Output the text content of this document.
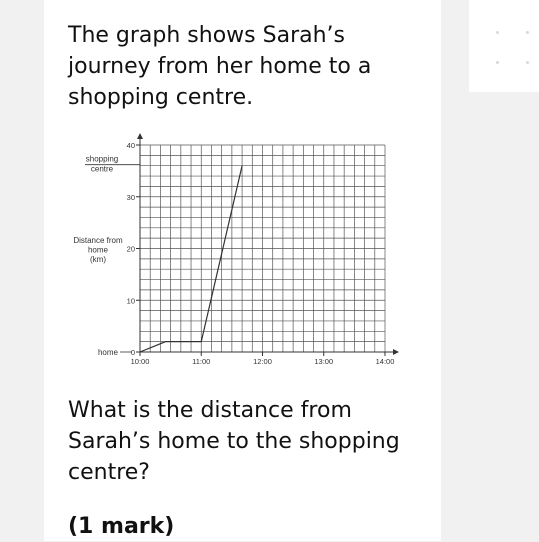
The graph shows Sarah’s journey from her home to a shopping centre.

0
10
20
30
40
10:00	11:00	12:00	13:00	14:00
Distance from home (km)
shopping centre
home

What is the distance from Sarah’s home to the shopping centre?

(1 mark)
